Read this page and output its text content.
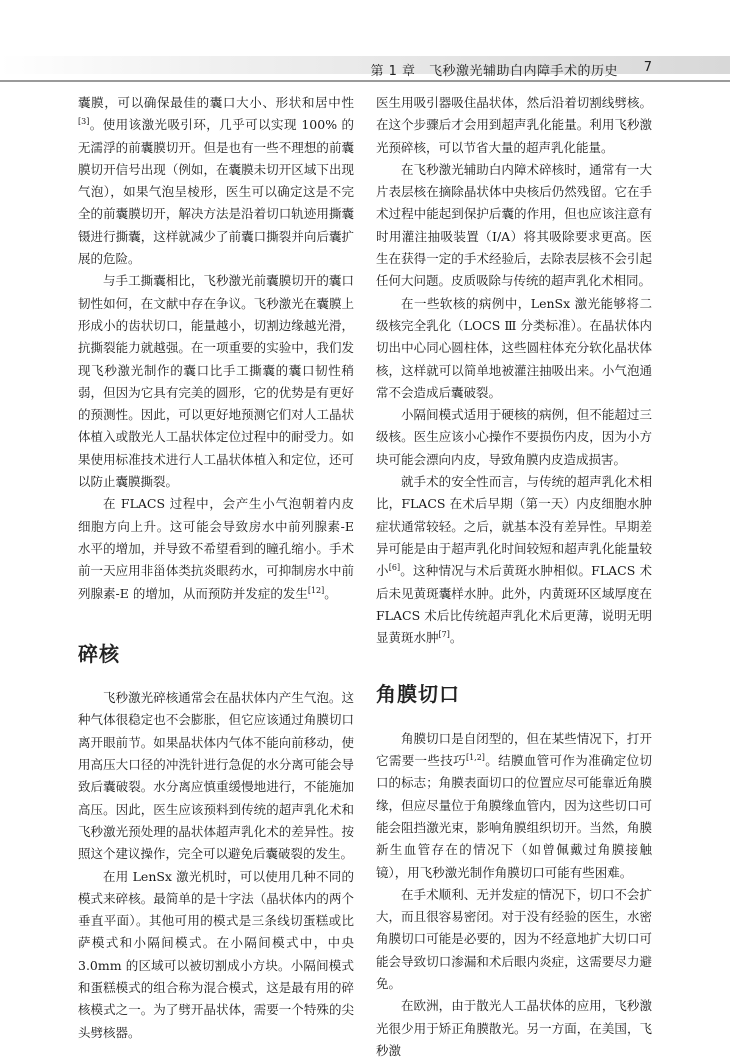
第 1 章　飞秒激光辅助白内障手术的历史 7

囊膜，可以确保最佳的囊口大小、形状和居中性[3]。使用该激光吸引环，几乎可以实现 100% 的无濡浮的前囊膜切开。但是也有一些不理想的前囊膜切开信号出现（例如，在囊膜未切开区域下出现气泡），如果气泡呈棱形，医生可以确定这是不完全的前囊膜切开，解决方法是沿着切口轨迹用撕囊镊进行撕囊，这样就减少了前囊口撕裂并向后囊扩展的危险。

与手工撕囊相比，飞秒激光前囊膜切开的囊口韧性如何，在文献中存在争议。飞秒激光在囊膜上形成小的齿状切口，能量越小，切割边缘越光滑，抗撕裂能力就越强。在一项重要的实验中，我们发现飞秒激光制作的囊口比手工撕囊的囊口韧性稍弱，但因为它具有完美的圆形，它的优势是有更好的预测性。因此，可以更好地预测它们对人工晶状体植入或散光人工晶状体定位过程中的耐受力。如果使用标准技术进行人工晶状体植入和定位，还可以防止囊膜撕裂。

在 FLACS 过程中，会产生小气泡朝着内皮细胞方向上升。这可能会导致房水中前列腺素-E 水平的增加，并导致不希望看到的瞳孔缩小。手术前一天应用非甾体类抗炎眼药水，可抑制房水中前列腺素-E 的增加，从而预防并发症的发生[12]。

碎核

飞秒激光碎核通常会在晶状体内产生气泡。这种气体很稳定也不会膨胀，但它应该通过角膜切口离开眼前节。如果晶状体内气体不能向前移动，使用高压大口径的冲洗针进行急促的水分离可能会导致后囊破裂。水分离应慎重缓慢地进行，不能施加高压。因此，医生应该预料到传统的超声乳化术和飞秒激光预处理的晶状体超声乳化术的差异性。按照这个建议操作，完全可以避免后囊破裂的发生。

在用 LenSx 激光机时，可以使用几种不同的模式来碎核。最简单的是十字法（晶状体内的两个垂直平面）。其他可用的模式是三条线切蛋糕或比萨模式和小隔间模式。在小隔间模式中，中央 3.0mm 的区域可以被切割成小方块。小隔间模式和蛋糕模式的组合称为混合模式，这是最有用的碎核模式之一。为了劈开晶状体，需要一个特殊的尖头劈核器。

医生用吸引器吸住晶状体，然后沿着切割线劈核。在这个步骤后才会用到超声乳化能量。利用飞秒激光预碎核，可以节省大量的超声乳化能量。

在飞秒激光辅助白内障术碎核时，通常有一大片表层核在摘除晶状体中央核后仍然残留。它在手术过程中能起到保护后囊的作用，但也应该注意有时用灌注抽吸装置（I/A）将其吸除要求更高。医生在获得一定的手术经验后，去除表层核不会引起任何大问题。皮质吸除与传统的超声乳化术相同。

在一些软核的病例中，LenSx 激光能够将二级核完全乳化（LOCS Ⅲ 分类标准）。在晶状体内切出中心同心圆柱体，这些圆柱体充分软化晶状体核，这样就可以简单地被灌注抽吸出来。小气泡通常不会造成后囊破裂。

小隔间模式适用于硬核的病例，但不能超过三级核。医生应该小心操作不要损伤内皮，因为小方块可能会漂向内皮，导致角膜内皮造成损害。

就手术的安全性而言，与传统的超声乳化术相比，FLACS 在术后早期（第一天）内皮细胞水肿症状通常较轻。之后，就基本没有差异性。早期差异可能是由于超声乳化时间较短和超声乳化能量较小[6]。这种情况与术后黄斑水肿相似。FLACS 术后未见黄斑囊样水肿。此外，内黄斑环区域厚度在 FLACS 术后比传统超声乳化术后更薄，说明无明显黄斑水肿[7]。

角膜切口

角膜切口是自闭型的，但在某些情况下，打开它需要一些技巧[1,2]。结膜血管可作为准确定位切口的标志；角膜表面切口的位置应尽可能靠近角膜缘，但应尽量位于角膜缘血管内，因为这些切口可能会阻挡激光束，影响角膜组织切开。当然，角膜新生血管存在的情况下（如曾佩戴过角膜接触镜），用飞秒激光制作角膜切口可能有些困难。

在手术顺利、无并发症的情况下，切口不会扩大，而且很容易密闭。对于没有经验的医生，水密角膜切口可能是必要的，因为不经意地扩大切口可能会导致切口渗漏和术后眼内炎症，这需要尽力避免。

在欧洲，由于散光人工晶状体的应用，飞秒激光很少用于矫正角膜散光。另一方面，在美国，飞秒激
